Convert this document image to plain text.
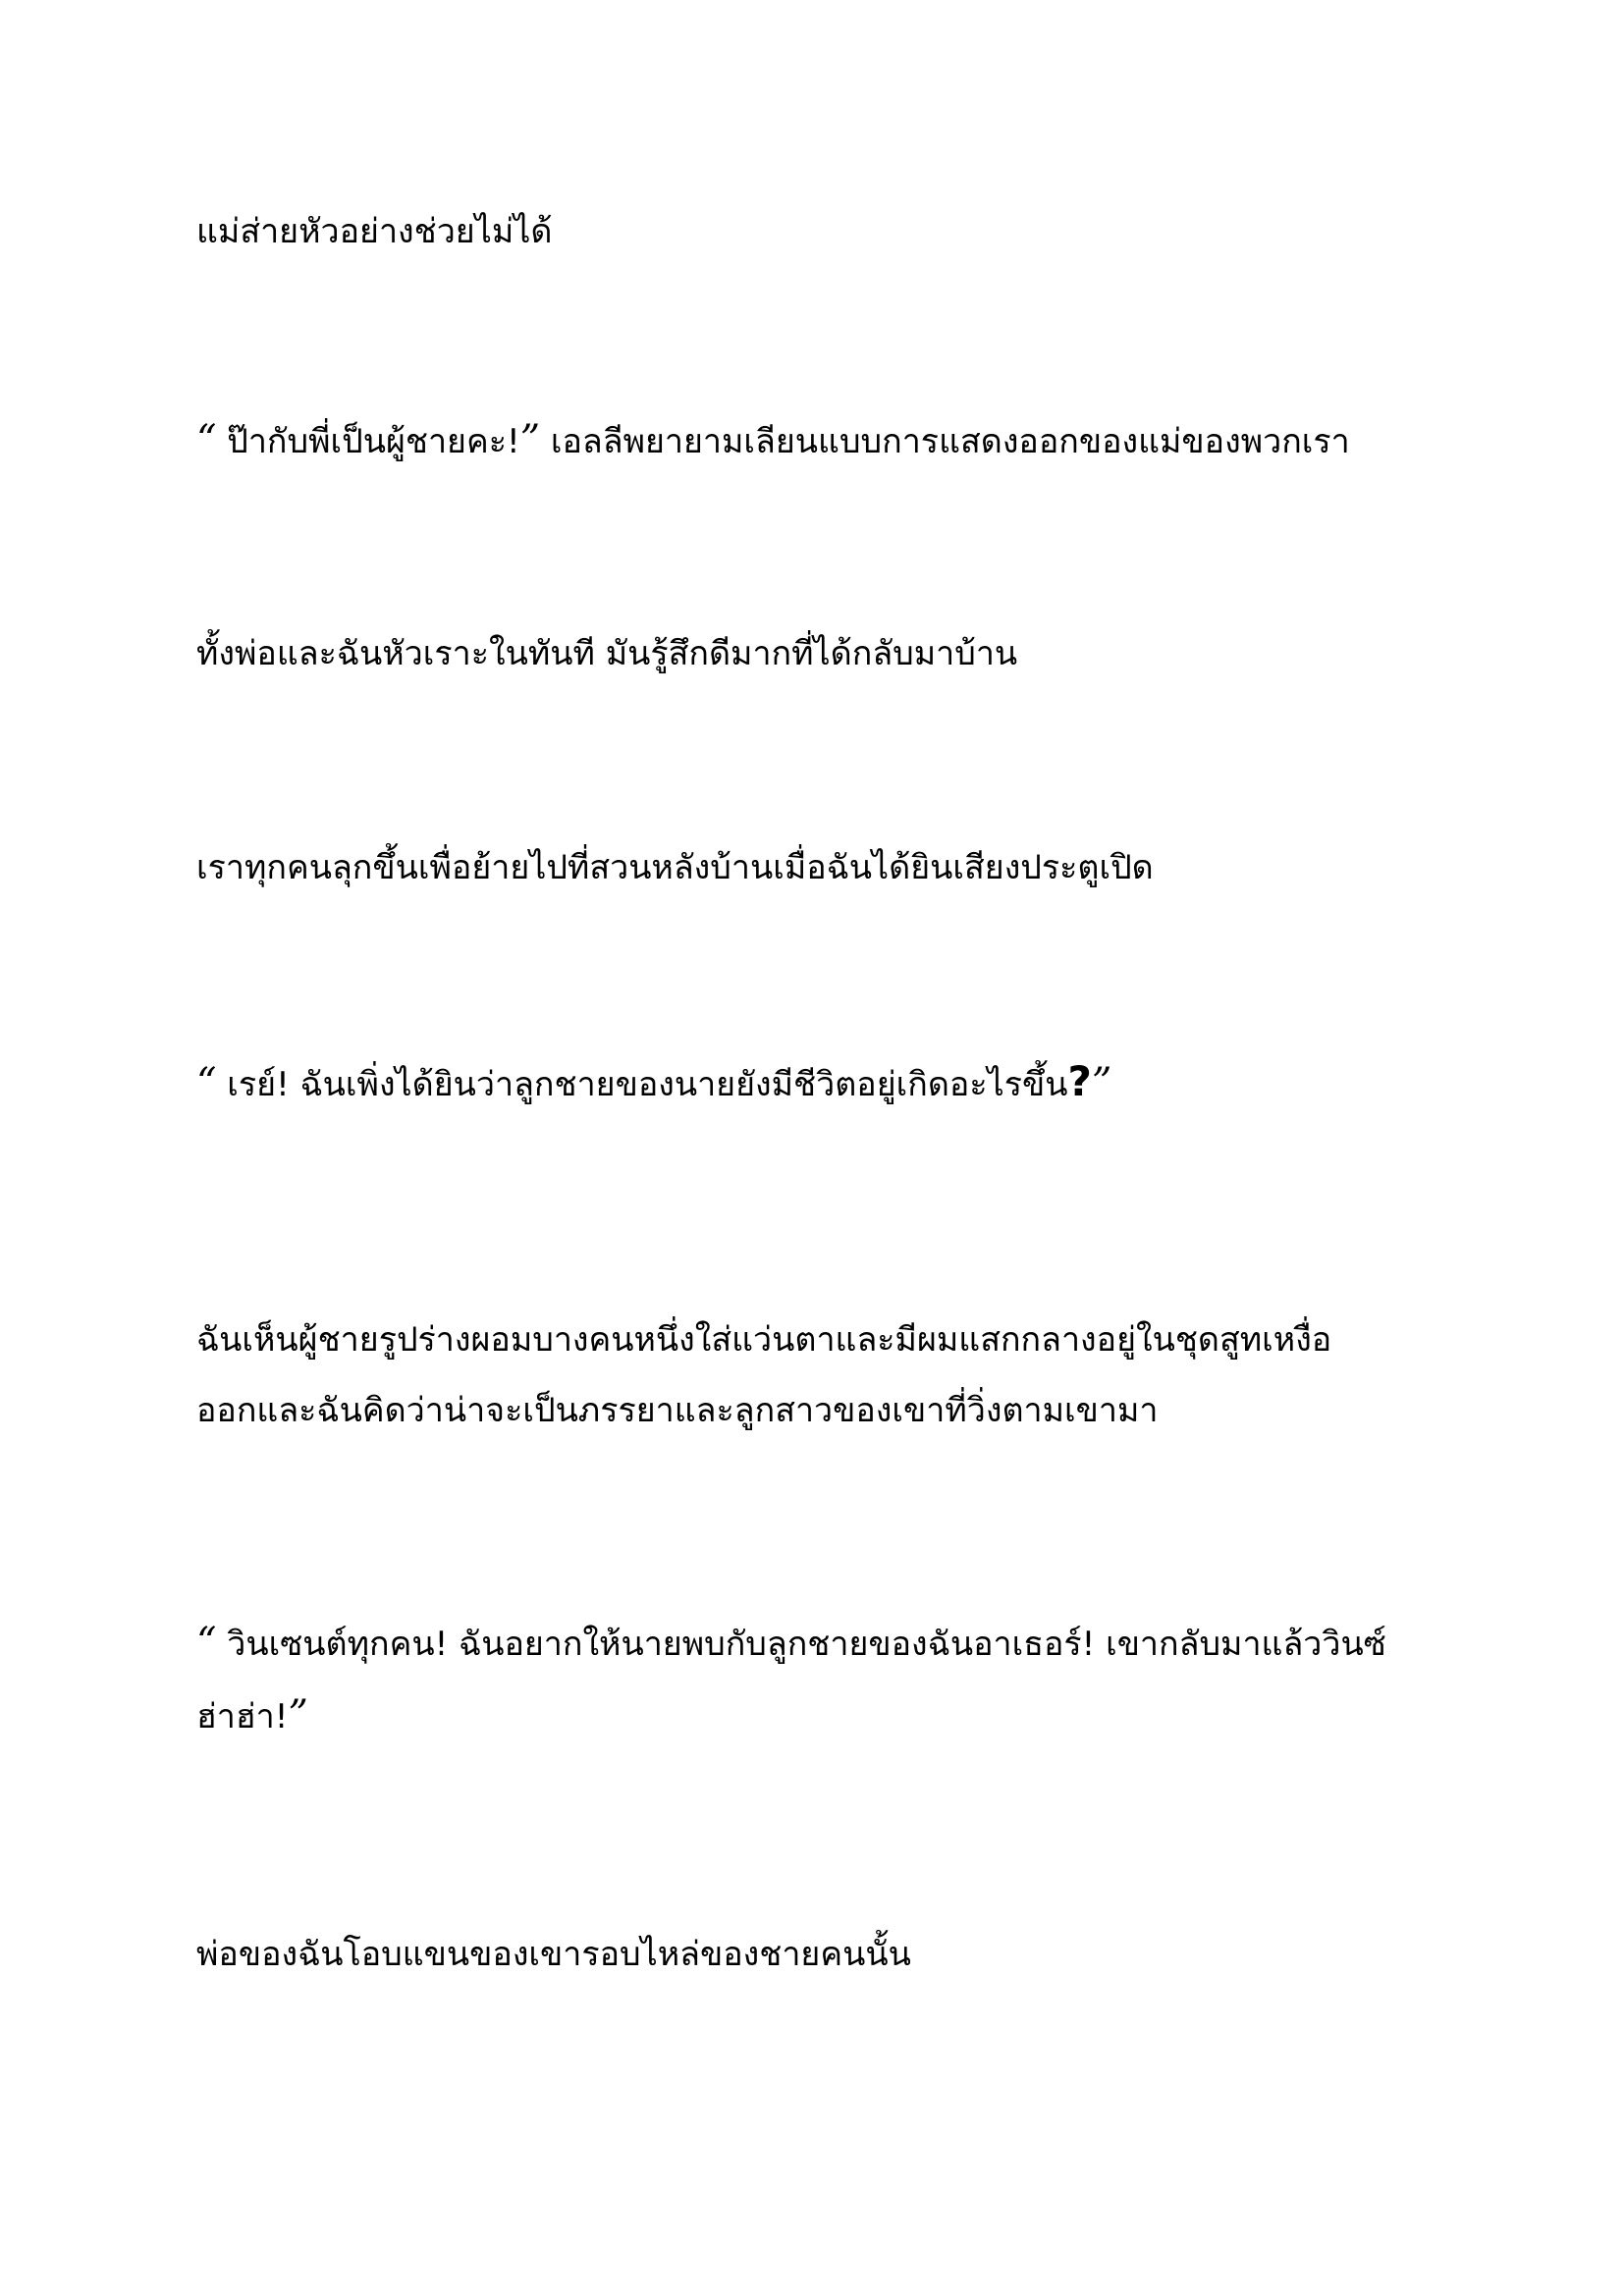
แม่ส่ายหัวอย่างช่วยไม่ได้

“ ป๊ากับพี่เป็นผู้ชายคะ!” เอลลีพยายามเลียนแบบการแสดงออกของแม่ของพวกเรา

ทั้งพ่อและฉันหัวเราะในทันที มันรู้สึกดีมากที่ได้กลับมาบ้าน

เราทุกคนลุกขึ้นเพื่อย้ายไปที่สวนหลังบ้านเมื่อฉันได้ยินเสียงประตูเปิด

“ เรย์! ฉันเพิ่งได้ยินว่าลูกชายของนายยังมีชีวิตอยู่เกิดอะไรขึ้น?”

ฉันเห็นผู้ชายรูปร่างผอมบางคนหนึ่งใส่แว่นตาและมีผมแสกกลางอยู่ในชุดสูทเหงื่อ
ออกและฉันคิดว่าน่าจะเป็นภรรยาและลูกสาวของเขาที่วิ่งตามเขามา

“ วินเซนต์ทุกคน! ฉันอยากให้นายพบกับลูกชายของฉันอาเธอร์! เขากลับมาแล้ววินซ์
ฮ่าฮ่า!”

พ่อของฉันโอบแขนของเขารอบไหล่ของชายคนนั้น
